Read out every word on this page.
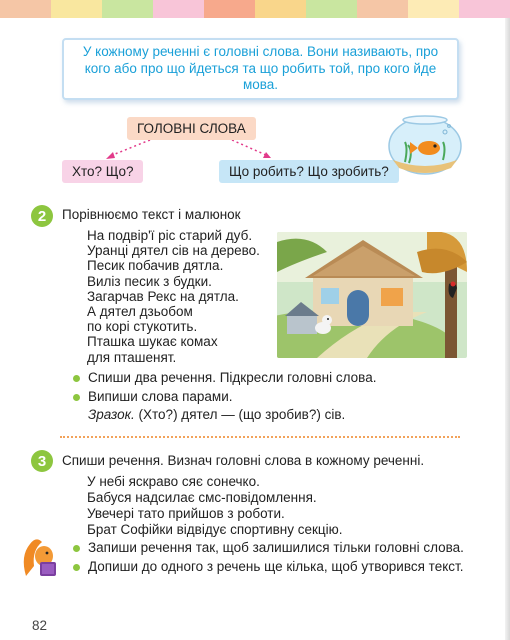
У кожному реченні є головні слова. Вони називають, про кого або про що йдеться та що робить той, про кого йде мова.

ГОЛОВНІ СЛОВА
Хто? Що?	Що робить? Що зробить?
2	Порівнюємо текст і малюнок
На подвір'ї ріс старий дуб.
Уранці дятел сів на дерево.
Песик побачив дятла.
Виліз песик з будки.
Загарчав Рекс на дятла.
А дятел дзьобом
по корі стукотить.
Пташка шукає комах
для пташенят.
Спиши два речення. Підкресли головні слова.
Випиши слова парами.
Зразок. (Хто?) дятел — (що зробив?) сів.
3	Спиши речення. Визнач головні слова в кожному реченні.
У небі яскраво сяє сонечко.
Бабуся надсилає смс-повідомлення.
Увечері тато прийшов з роботи.
Брат Софійки відвідує спортивну секцію.
Запиши речення так, щоб залишилися тільки головні слова.
Допиши до одного з речень ще кілька, щоб утворився текст.
82
